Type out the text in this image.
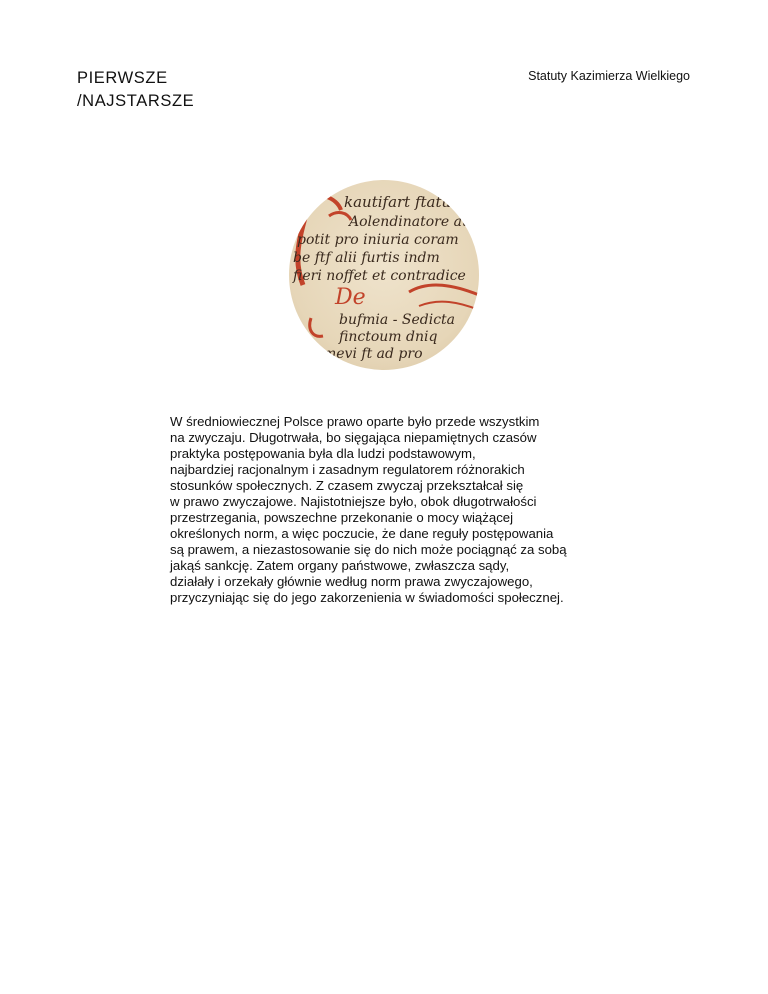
PIERWSZE
/NAJSTARSZE
Statuty Kazimierza Wielkiego
kautifart ftatu
Aolendinatore aut
potit pro iniuria coram
be ftf alii furtis indm
fieri noffet et contradice
De
bufmia - Sedicta
finctoum dniq
mevi ft ad pro
W średniowiecznej Polsce prawo oparte było przede wszystkim
na zwyczaju. Długotrwała, bo sięgająca niepamiętnych czasów
praktyka postępowania była dla ludzi podstawowym,
najbardziej racjonalnym i zasadnym regulatorem różnorakich
stosunków społecznych. Z czasem zwyczaj przekształcał się
w prawo zwyczajowe. Najistotniejsze było, obok długotrwałości
przestrzegania, powszechne przekonanie o mocy wiążącej
określonych norm, a więc poczucie, że dane reguły postępowania
są prawem, a niezastosowanie się do nich może pociągnąć za sobą
jakąś sankcję. Zatem organy państwowe, zwłaszcza sądy,
działały i orzekały głównie według norm prawa zwyczajowego,
przyczyniając się do jego zakorzenienia w świadomości społecznej.
